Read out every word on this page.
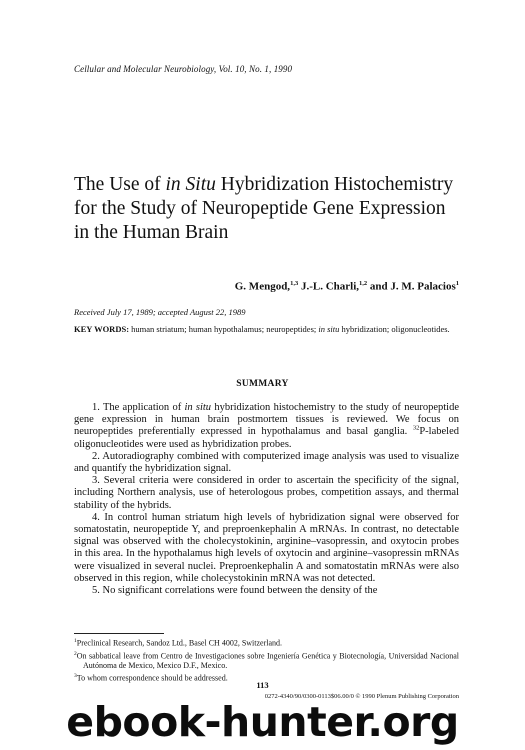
Cellular and Molecular Neurobiology, Vol. 10, No. 1, 1990
The Use of in Situ Hybridization Histochemistry for the Study of Neuropeptide Gene Expression in the Human Brain
G. Mengod,$^{1,3}$ J.-L. Charli,$^{1,2}$ and J. M. Palacios$^1$
Received July 17, 1989; accepted August 22, 1989
KEY WORDS: human striatum; human hypothalamus; neuropeptides; in situ hybridization; oligonucleotides.
SUMMARY

1. The application of in situ hybridization histochemistry to the study of neuropeptide gene expression in human brain postmortem tissues is reviewed. We focus on neuropeptides preferentially expressed in hypothalamus and basal ganglia. $^{32}$P-labeled oligonucleotides were used as hybridization probes.

2. Autoradiography combined with computerized image analysis was used to visualize and quantify the hybridization signal.

3. Several criteria were considered in order to ascertain the specificity of the signal, including Northern analysis, use of heterologous probes, competition assays, and thermal stability of the hybrids.

4. In control human striatum high levels of hybridization signal were observed for somatostatin, neuropeptide Y, and preproenkephalin A mRNAs. In contrast, no detectable signal was observed with the cholecystokinin, arginine–vasopressin, and oxytocin probes in this area. In the hypothalamus high levels of oxytocin and arginine–vasopressin mRNAs were visualized in several nuclei. Preproenkephalin A and somatostatin mRNAs were also observed in this region, while cholecystokinin mRNA was not detected.

5. No significant correlations were found between the density of the

$^1$Preclinical Research, Sandoz Ltd., Basel CH 4002, Switzerland.

$^2$On sabbatical leave from Centro de Investigaciones sobre Ingeniería Genética y Biotecnología, Universidad Nacional Autónoma de Mexico, Mexico D.F., Mexico.

$^3$To whom correspondence should be addressed.

113
0272-4340/90/0300-0113$06.00/0 © 1990 Plenum Publishing Corporation
ebook-hunter.org
